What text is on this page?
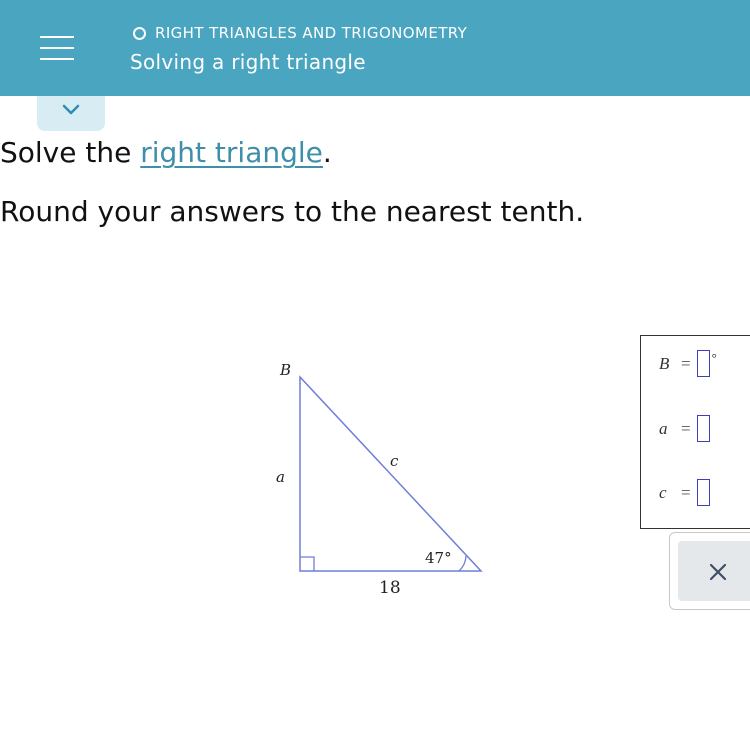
RIGHT TRIANGLES AND TRIGONOMETRY
Solving a right triangle
Solve the right triangle.
Round your answers to the nearest tenth.
B
a
c
47°
18
B = °
a =
c =
